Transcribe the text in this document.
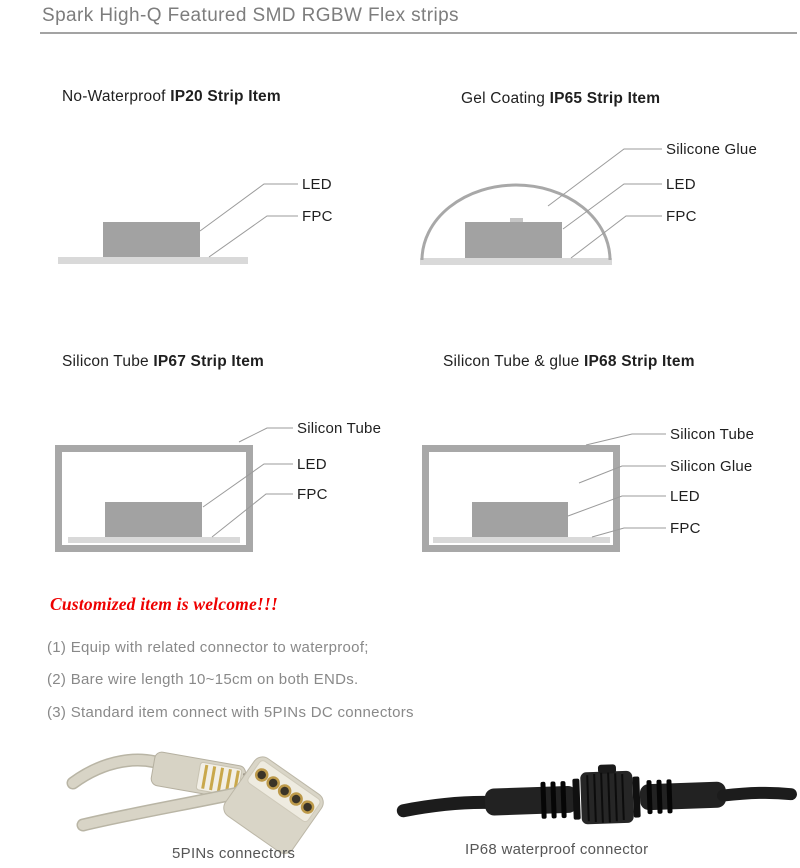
Spark High-Q Featured SMD RGBW Flex strips
No-Waterproof IP20 Strip Item	Gel Coating IP65 Strip Item
Silicon Tube IP67 Strip Item	Silicon Tube & glue IP68 Strip Item
LED
FPC
Silicone Glue
LED
FPC
Silicon Tube
LED
FPC
Silicon Tube
Silicon Glue
LED
FPC

Customized item is welcome!!!

(1) Equip with related connector to waterproof;

(2) Bare wire length 10~15cm on both ENDs.

(3) Standard item connect with 5PINs DC connectors

5PINs connectors	IP68 waterproof connector
